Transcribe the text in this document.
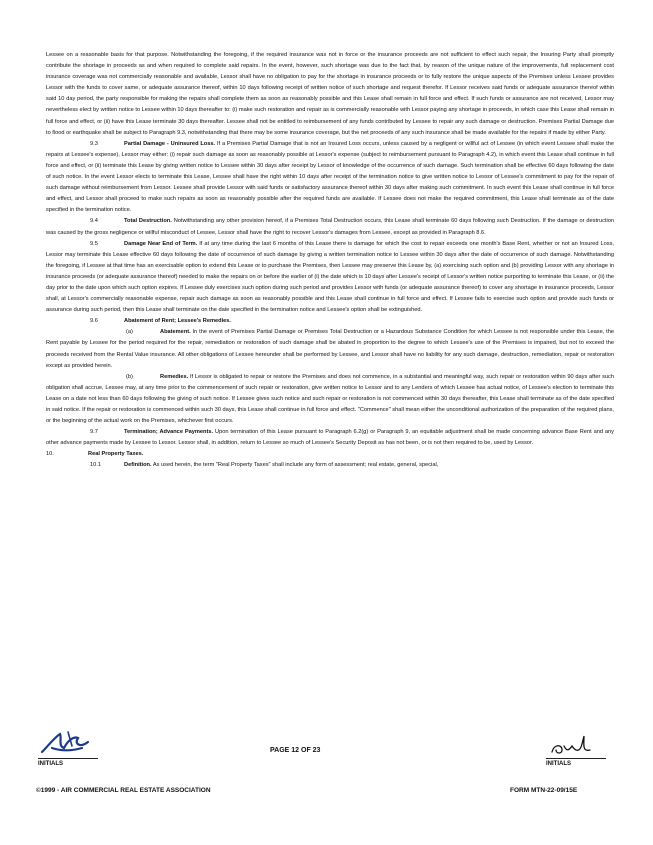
Lessee on a reasonable basis for that purpose. Notwithstanding the foregoing, if the required insurance was not in force or the insurance proceeds are not sufficient to effect such repair, the Insuring Party shall promptly contribute the shortage in proceeds as and when required to complete said repairs. In the event, however, such shortage was due to the fact that, by reason of the unique nature of the improvements, full replacement cost insurance coverage was not commercially reasonable and available, Lessor shall have no obligation to pay for the shortage in insurance proceeds or to fully restore the unique aspects of the Premises unless Lessee provides Lessor with the funds to cover same, or adequate assurance thereof, within 10 days following receipt of written notice of such shortage and request therefor. If Lessor receives said funds or adequate assurance thereof within said 10 day period, the party responsible for making the repairs shall complete them as soon as reasonably possible and this Lease shall remain in full force and effect. If such funds or assurance are not received, Lessor may nevertheless elect by written notice to Lessee within 10 days thereafter to: (i) make such restoration and repair as is commercially reasonable with Lessor paying any shortage in proceeds, in which case this Lease shall remain in full force and effect, or (ii) have this Lease terminate 30 days thereafter. Lessee shall not be entitled to reimbursement of any funds contributed by Lessee to repair any such damage or destruction. Premises Partial Damage due to flood or earthquake shall be subject to Paragraph 9.3, notwithstanding that there may be some insurance coverage, but the net proceeds of any such insurance shall be made available for the repairs if made by either Party.

9.3	Partial Damage - Uninsured Loss. If a Premises Partial Damage that is not an Insured Loss occurs, unless caused by a negligent or willful act of Lessee (in which event Lessee shall make the repairs at Lessee's expense), Lessor may either: (i) repair such damage as soon as reasonably possible at Lessor's expense (subject to reimbursement pursuant to Paragraph 4.2), in which event this Lease shall continue in full force and effect, or (ii) terminate this Lease by giving written notice to Lessee within 30 days after receipt by Lessor of knowledge of the occurrence of such damage. Such termination shall be effective 60 days following the date of such notice. In the event Lessor elects to terminate this Lease, Lessee shall have the right within 10 days after receipt of the termination notice to give written notice to Lessor of Lessee's commitment to pay for the repair of such damage without reimbursement from Lessor. Lessee shall provide Lessor with said funds or satisfactory assurance thereof within 30 days after making such commitment. In such event this Lease shall continue in full force and effect, and Lessor shall proceed to make such repairs as soon as reasonably possible after the required funds are available. If Lessee does not make the required commitment, this Lease shall terminate as of the date specified in the termination notice.

9.4	Total Destruction. Notwithstanding any other provision hereof, if a Premises Total Destruction occurs, this Lease shall terminate 60 days following such Destruction. If the damage or destruction was caused by the gross negligence or willful misconduct of Lessee, Lessor shall have the right to recover Lessor's damages from Lessee, except as provided in Paragraph 8.6.

9.5	Damage Near End of Term. If at any time during the last 6 months of this Lease there is damage for which the cost to repair exceeds one month's Base Rent, whether or not an Insured Loss, Lessor may terminate this Lease effective 60 days following the date of occurrence of such damage by giving a written termination notice to Lessee within 30 days after the date of occurrence of such damage. Notwithstanding the foregoing, if Lessee at that time has an exercisable option to extend this Lease or to purchase the Premises, then Lessee may preserve this Lease by, (a) exercising such option and (b) providing Lessor with any shortage in insurance proceeds (or adequate assurance thereof) needed to make the repairs on or before the earlier of (i) the date which is 10 days after Lessee's receipt of Lessor's written notice purporting to terminate this Lease, or (ii) the day prior to the date upon which such option expires. If Lessee duly exercises such option during such period and provides Lessor with funds (or adequate assurance thereof) to cover any shortage in insurance proceeds, Lessor shall, at Lessor's commercially reasonable expense, repair such damage as soon as reasonably possible and this Lease shall continue in full force and effect. If Lessee fails to exercise such option and provide such funds or assurance during such period, then this Lease shall terminate on the date specified in the termination notice and Lessee's option shall be extinguished.

9.6	Abatement of Rent; Lessee's Remedies.

(a)	Abatement. In the event of Premises Partial Damage or Premises Total Destruction or a Hazardous Substance Condition for which Lessee is not responsible under this Lease, the Rent payable by Lessee for the period required for the repair, remediation or restoration of such damage shall be abated in proportion to the degree to which Lessee's use of the Premises is impaired, but not to exceed the proceeds received from the Rental Value insurance. All other obligations of Lessee hereunder shall be performed by Lessee, and Lessor shall have no liability for any such damage, destruction, remediation, repair or restoration except as provided herein.

(b)	Remedies. If Lessor is obligated to repair or restore the Premises and does not commence, in a substantial and meaningful way, such repair or restoration within 90 days after such obligation shall accrue, Lessee may, at any time prior to the commencement of such repair or restoration, give written notice to Lessor and to any Lenders of which Lessee has actual notice, of Lessee's election to terminate this Lease on a date not less than 60 days following the giving of such notice. If Lessee gives such notice and such repair or restoration is not commenced within 30 days thereafter, this Lease shall terminate as of the date specified in said notice. If the repair or restoration is commenced within such 30 days, this Lease shall continue in full force and effect. "Commence" shall mean either the unconditional authorization of the preparation of the required plans, or the beginning of the actual work on the Premises, whichever first occurs.

9.7	Termination; Advance Payments. Upon termination of this Lease pursuant to Paragraph 6.2(g) or Paragraph 9, an equitable adjustment shall be made concerning advance Base Rent and any other advance payments made by Lessee to Lessor. Lessor shall, in addition, return to Lessee so much of Lessee's Security Deposit as has not been, or is not then required to be, used by Lessor.

10.	Real Property Taxes.

10.1	Definition. As used herein, the term "Real Property Taxes" shall include any form of assessment; real estate, general, special,

INITIALS	INITIALS
PAGE 12 OF 23
©1999 - AIR COMMERCIAL REAL ESTATE ASSOCIATION	FORM MTN-22-09/15E
